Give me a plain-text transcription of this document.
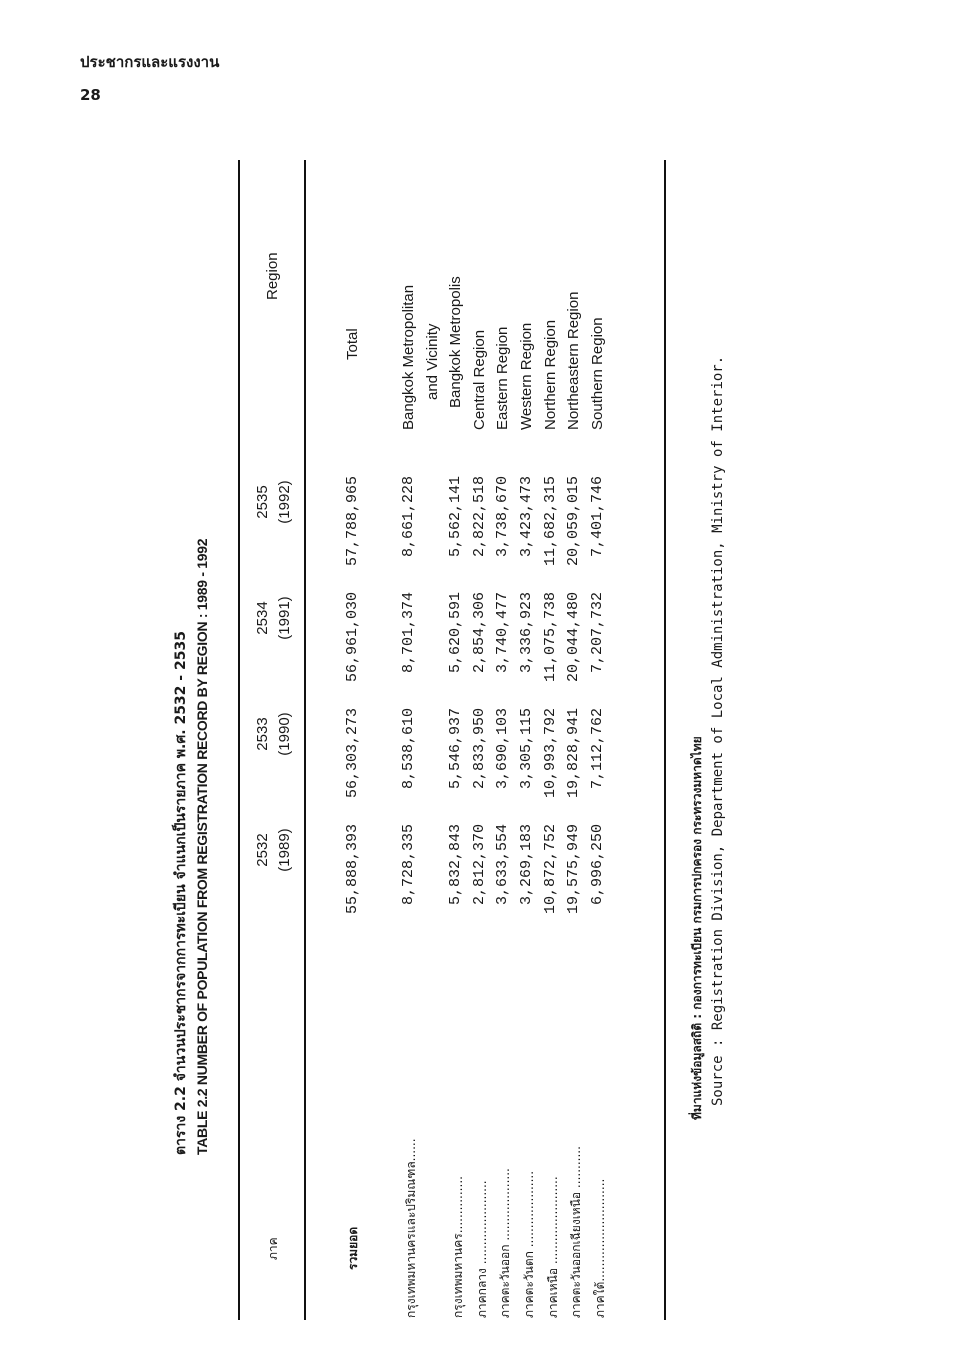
ประชากรและแรงงาน
28
ตาราง 2.2 จำนวนประชากรจากการทะเบียน จำแนกเป็นรายภาค พ.ศ. 2532 - 2535 TABLE 2.2 NUMBER OF POPULATION FROM REGISTRATION RECORD BY REGION : 1989 - 1992
ภาค
2532 (1989)
2533 (1990)
2534 (1991)
2535 (1992)
Region
รวมยอด
55,888,393
56,303,273
56,961,030
57,788,965
Total
กรุงเทพมหานครและปริมณฑล......
8,728,335
8,538,610
8,701,374
8,661,228
Bangkok Metropolitan and Vicinity
กรุงเทพมหานคร...............
5,832,843
5,546,937
5,620,591
5,562,141
Bangkok Metropolis
ภาคกลาง ......................
2,812,370
2,833,950
2,854,306
2,822,518
Central Region
ภาคตะวันออก ...................
3,633,554
3,690,103
3,740,477
3,738,670
Eastern Region
ภาคตะวันตก ....................
3,269,183
3,305,115
3,336,923
3,423,473
Western Region
ภาคเหนือ .......................
10,872,752
10,993,792
11,075,738
11,682,315
Northern Region
ภาคตะวันออกเฉียงเหนือ ...........
19,575,949
19,828,941
20,044,480
20,059,015
Northeastern Region
ภาคใต้...........................
6,996,250
7,112,762
7,207,732
7,401,746
Southern Region
ที่มาแห่งข้อมูลสถิติ : กองการทะเบียน กรมการปกครอง กระทรวงมหาดไทย Source : Registration Division, Department of Local Administration, Ministry of Interior.
